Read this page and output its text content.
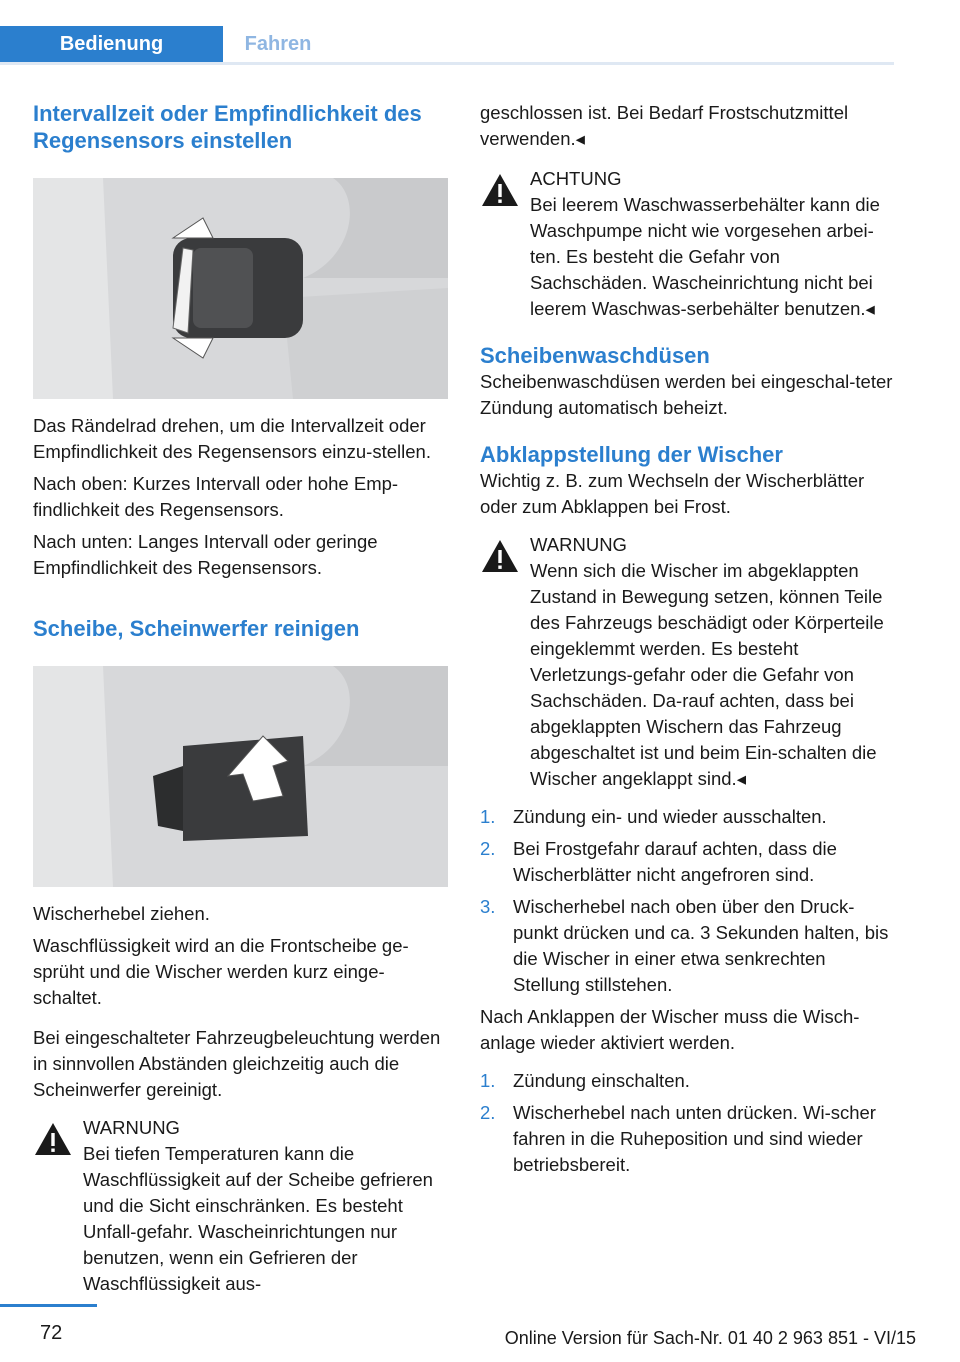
Bedienung	Fahren
Intervallzeit oder Empfindlichkeit des Regensensors einstellen

Das Rändelrad drehen, um die Intervallzeit oder Empfindlichkeit des Regensensors einzu-stellen.

Nach oben: Kurzes Intervall oder hohe Emp-findlichkeit des Regensensors.

Nach unten: Langes Intervall oder geringe Empfindlichkeit des Regensensors.

Scheibe, Scheinwerfer reinigen

Wischerhebel ziehen.

Waschflüssigkeit wird an die Frontscheibe ge-sprüht und die Wischer werden kurz einge-schaltet.

Bei eingeschalteter Fahrzeugbeleuchtung werden in sinnvollen Abständen gleichzeitig auch die Scheinwerfer gereinigt.

WARNUNG
Bei tiefen Temperaturen kann die Waschflüssigkeit auf der Scheibe gefrieren und die Sicht einschränken. Es besteht Unfall-gefahr. Wascheinrichtungen nur benutzen, wenn ein Gefrieren der Waschflüssigkeit aus-

geschlossen ist. Bei Bedarf Frostschutzmittel verwenden.◂

ACHTUNG
Bei leerem Waschwasserbehälter kann die Waschpumpe nicht wie vorgesehen arbei-ten. Es besteht die Gefahr von Sachschäden. Wascheinrichtung nicht bei leerem Waschwas-serbehälter benutzen.◂
Scheibenwaschdüsen

Scheibenwaschdüsen werden bei eingeschal-teter Zündung automatisch beheizt.

Abklappstellung der Wischer

Wichtig z. B. zum Wechseln der Wischerblätter oder zum Abklappen bei Frost.

WARNUNG
Wenn sich die Wischer im abgeklappten Zustand in Bewegung setzen, können Teile des Fahrzeugs beschädigt oder Körperteile eingeklemmt werden. Es besteht Verletzungs-gefahr oder die Gefahr von Sachschäden. Da-rauf achten, dass bei abgeklappten Wischern das Fahrzeug abgeschaltet ist und beim Ein-schalten die Wischer angeklappt sind.◂
1. Zündung ein- und wieder ausschalten.
2. Bei Frostgefahr darauf achten, dass die Wischerblätter nicht angefroren sind.
3. Wischerhebel nach oben über den Druck-punkt drücken und ca. 3 Sekunden halten, bis die Wischer in einer etwa senkrechten Stellung stillstehen.

Nach Anklappen der Wischer muss die Wisch-anlage wieder aktiviert werden.

1. Zündung einschalten.
2. Wischerhebel nach unten drücken. Wi-scher fahren in die Ruheposition und sind wieder betriebsbereit.
72	Online Version für Sach-Nr. 01 40 2 963 851 - VI/15
